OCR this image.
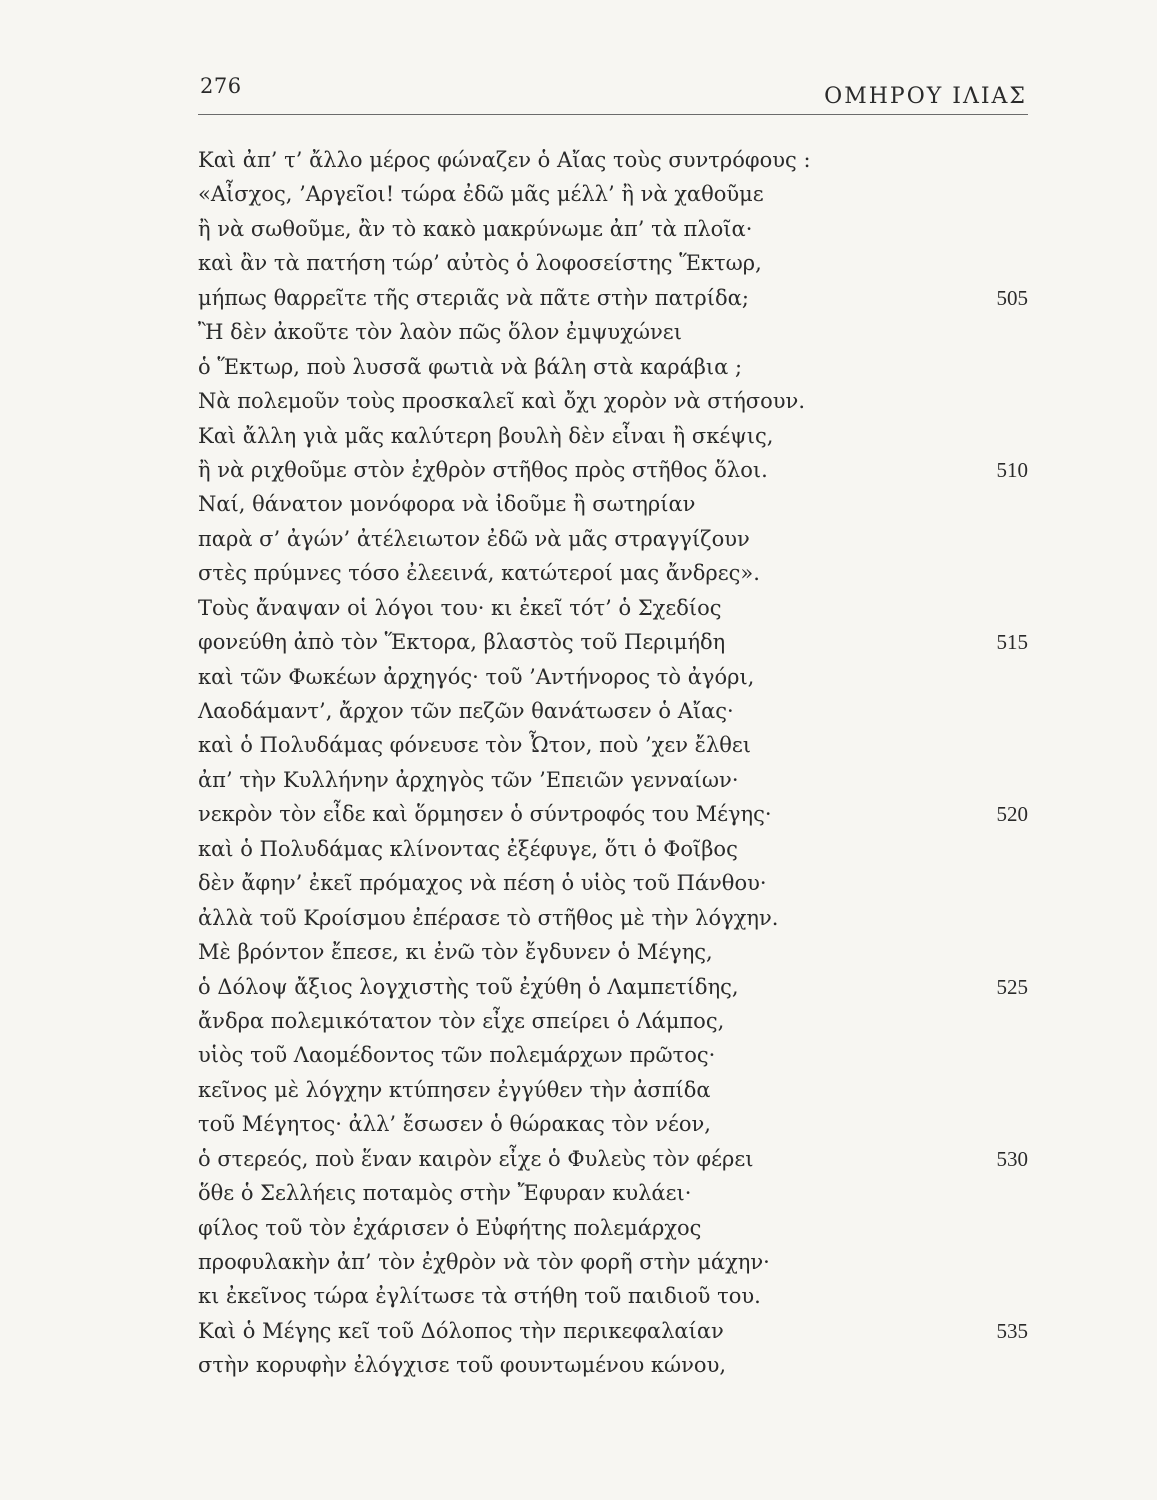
276	ΟΜΗΡΟΥ ΙΛΙΑΣ
Καὶ ἀπ’ τ’ ἄλλο μέρος φώναζεν ὁ Αἴας τοὺς συντρόφους :
«Αἶσχος, ’Αργεῖοι! τώρα ἐδῶ μᾶς μέλλ’ ἢ νὰ χαθοῦμε
ἢ νὰ σωθοῦμε, ἂν τὸ κακὸ μακρύνωμε ἀπ’ τὰ πλοῖα·
καὶ ἂν τὰ πατήση τώρ’ αὐτὸς ὁ λοφοσείστης Ἕκτωρ,
μήπως θαρρεῖτε τῆς στεριᾶς νὰ πᾶτε στὴν πατρίδα;	505
Ἢ δὲν ἀκοῦτε τὸν λαὸν πῶς ὅλον ἐμψυχώνει
ὁ Ἕκτωρ, ποὺ λυσσᾶ φωτιὰ νὰ βάλη στὰ καράβια ;
Νὰ πολεμοῦν τοὺς προσκαλεῖ καὶ ὄχι χορὸν νὰ στήσουν.
Καὶ ἄλλη γιὰ μᾶς καλύτερη βουλὴ δὲν εἶναι ἢ σκέψις,
ἢ νὰ ριχθοῦμε στὸν ἐχθρὸν στῆθος πρὸς στῆθος ὅλοι.	510
Ναί, θάνατον μονόφορα νὰ ἰδοῦμε ἢ σωτηρίαν
παρὰ σ’ ἀγών’ ἀτέλειωτον ἐδῶ νὰ μᾶς στραγγίζουν
στὲς πρύμνες τόσο ἐλεεινά, κατώτεροί μας ἄνδρες».
Τοὺς ἄναψαν οἱ λόγοι του· κι ἐκεῖ τότ’ ὁ Σχεδίος
φονεύθη ἀπὸ τὸν Ἕκτορα, βλαστὸς τοῦ Περιμήδη	515
καὶ τῶν Φωκέων ἀρχηγός· τοῦ ’Αντήνορος τὸ ἀγόρι,
Λαοδάμαντ’, ἄρχον τῶν πεζῶν θανάτωσεν ὁ Αἴας·
καὶ ὁ Πολυδάμας φόνευσε τὸν Ὦτον, ποὺ ’χεν ἔλθει
ἀπ’ τὴν Κυλλήνην ἀρχηγὸς τῶν ’Επειῶν γενναίων·
νεκρὸν τὸν εἶδε καὶ ὅρμησεν ὁ σύντροφός του Μέγης·	520
καὶ ὁ Πολυδάμας κλίνοντας ἐξέφυγε, ὅτι ὁ Φοῖβος
δὲν ἄφην’ ἐκεῖ πρόμαχος νὰ πέση ὁ υἱὸς τοῦ Πάνθου·
ἀλλὰ τοῦ Κροίσμου ἐπέρασε τὸ στῆθος μὲ τὴν λόγχην.
Μὲ βρόντον ἔπεσε, κι ἐνῶ τὸν ἔγδυνεν ὁ Μέγης,
ὁ Δόλοψ ἄξιος λογχιστὴς τοῦ ἐχύθη ὁ Λαμπετίδης,	525
ἄνδρα πολεμικότατον τὸν εἶχε σπείρει ὁ Λάμπος,
υἱὸς τοῦ Λαομέδοντος τῶν πολεμάρχων πρῶτος·
κεῖνος μὲ λόγχην κτύπησεν ἐγγύθεν τὴν ἀσπίδα
τοῦ Μέγητος· ἀλλ’ ἔσωσεν ὁ θώρακας τὸν νέον,
ὁ στερεός, ποὺ ἕναν καιρὸν εἶχε ὁ Φυλεὺς τὸν φέρει	530
ὅθε ὁ Σελλήεις ποταμὸς στὴν Ἔφυραν κυλάει·
φίλος τοῦ τὸν ἐχάρισεν ὁ Εὐφήτης πολεμάρχος
προφυλακὴν ἀπ’ τὸν ἐχθρὸν νὰ τὸν φορῆ στὴν μάχην·
κι ἐκεῖνος τώρα ἐγλίτωσε τὰ στήθη τοῦ παιδιοῦ του.
Καὶ ὁ Μέγης κεῖ τοῦ Δόλοπος τὴν περικεφαλαίαν	535
στὴν κορυφὴν ἐλόγχισε τοῦ φουντωμένου κώνου,
